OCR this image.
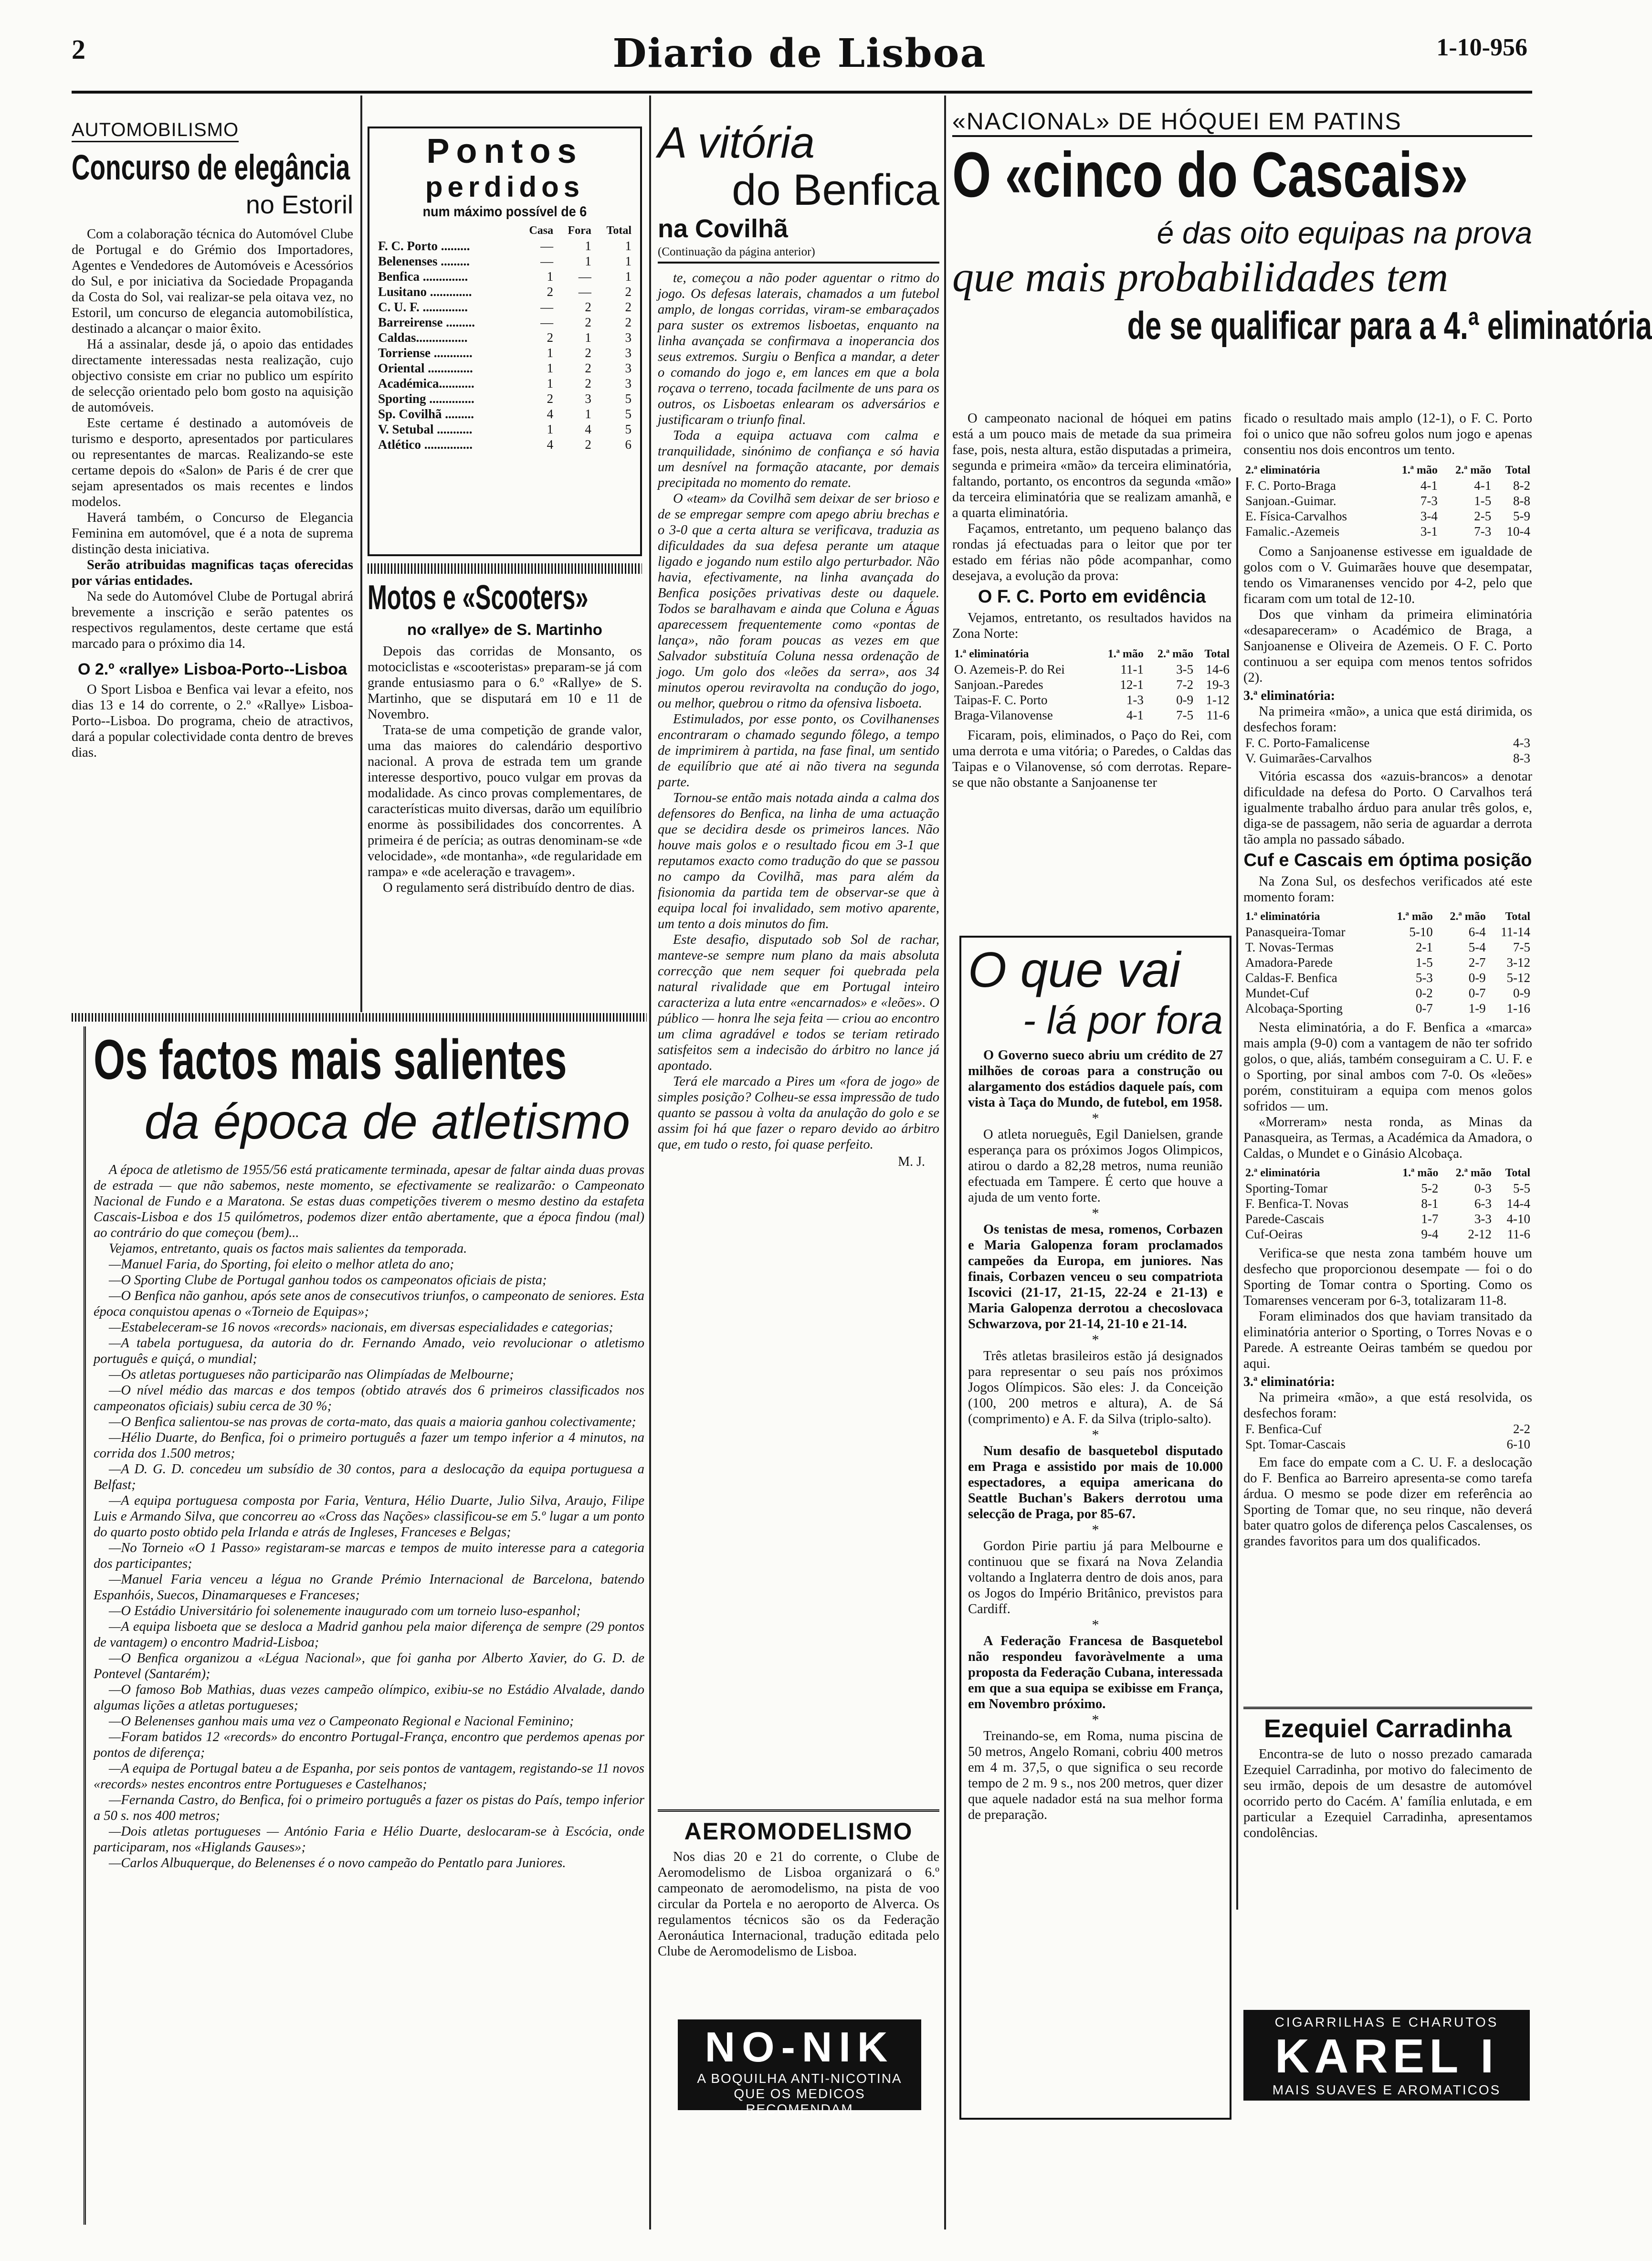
2	Diario de Lisboa	1-10-956
AUTOMOBILISMO
Concurso de elegância
no Estoril

Com a colaboração técnica do Automóvel Clube de Portugal e do Grémio dos Importadores, Agentes e Vendedores de Automóveis e Acessórios do Sul, e por iniciativa da Sociedade Propaganda da Costa do Sol, vai realizar-se pela oitava vez, no Estoril, um concurso de elegancia automobilística, destinado a alcançar o maior êxito.

Há a assinalar, desde já, o apoio das entidades directamente interessadas nesta realização, cujo objectivo consiste em criar no publico um espírito de selecção orientado pelo bom gosto na aquisição de automóveis.

Este certame é destinado a automóveis de turismo e desporto, apresentados por particulares ou representantes de marcas. Realizando-se este certame depois do «Salon» de Paris é de crer que sejam apresentados os mais recentes e lindos modelos.

Haverá também, o Concurso de Elegancia Feminina em automóvel, que é a nota de suprema distinção desta iniciativa.

Serão atribuidas magnificas taças oferecidas por várias entidades.

Na sede do Automóvel Clube de Portugal abrirá brevemente a inscrição e serão patentes os respectivos regulamentos, deste certame que está marcado para o próximo dia 14.

O 2.º «rallye» Lisboa-Porto--Lisboa

O Sport Lisboa e Benfica vai levar a efeito, nos dias 13 e 14 do corrente, o 2.º «Rallye» Lisboa-Porto--Lisboa. Do programa, cheio de atractivos, dará a popular colectividade conta dentro de breves dias.

Pontos
perdidos
num máximo possível de 6
	Casa	Fora	Total
F. C. Porto .........	—	1	1
Belenenses .........	—	1	1
Benfica ..............	1	—	1
Lusitano .............	2	—	2
C. U. F. ..............	—	2	2
Barreirense .........	—	2	2
Caldas................	2	1	3
Torriense ............	1	2	3
Oriental ..............	1	2	3
Académica...........	1	2	3
Sporting ..............	2	3	5
Sp. Covilhã .........	4	1	5
V. Setubal ...........	1	4	5
Atlético ...............	4	2	6
Motos e «Scooters»
no «rallye» de S. Martinho

Depois das corridas de Monsanto, os motociclistas e «scooteristas» preparam-se já com grande entusiasmo para o 6.º «Rallye» de S. Martinho, que se disputará em 10 e 11 de Novembro.

Trata-se de uma competição de grande valor, uma das maiores do calendário desportivo nacional. A prova de estrada tem um grande interesse desportivo, pouco vulgar em provas da modalidade. As cinco provas complementares, de características muito diversas, darão um equilíbrio enorme às possibilidades dos concorrentes. A primeira é de perícia; as outras denominam-se «de velocidade», «de montanha», «de regularidade em rampa» e «de aceleração e travagem».

O regulamento será distribuído dentro de dias.

Os factos mais salientes
da época de atletismo

A época de atletismo de 1955/56 está praticamente terminada, apesar de faltar ainda duas provas de estrada — que não sabemos, neste momento, se efectivamente se realizarão: o Campeonato Nacional de Fundo e a Maratona. Se estas duas competições tiverem o mesmo destino da estafeta Cascais-Lisboa e dos 15 quilómetros, podemos dizer então abertamente, que a época findou (mal) ao contrário do que começou (bem)...

Vejamos, entretanto, quais os factos mais salientes da temporada.

—Manuel Faria, do Sporting, foi eleito o melhor atleta do ano;

—O Sporting Clube de Portugal ganhou todos os campeonatos oficiais de pista;

—O Benfica não ganhou, após sete anos de consecutivos triunfos, o campeonato de seniores. Esta época conquistou apenas o «Torneio de Equipas»;

—Estabeleceram-se 16 novos «records» nacionais, em diversas especialidades e categorias;

—A tabela portuguesa, da autoria do dr. Fernando Amado, veio revolucionar o atletismo português e quiçá, o mundial;

—Os atletas portugueses não participarão nas Olimpíadas de Melbourne;

—O nível médio das marcas e dos tempos (obtido através dos 6 primeiros classificados nos campeonatos oficiais) subiu cerca de 30 %;

—O Benfica salientou-se nas provas de corta-mato, das quais a maioria ganhou colectivamente;

—Hélio Duarte, do Benfica, foi o primeiro português a fazer um tempo inferior a 4 minutos, na corrida dos 1.500 metros;

—A D. G. D. concedeu um subsídio de 30 contos, para a deslocação da equipa portuguesa a Belfast;

—A equipa portuguesa composta por Faria, Ventura, Hélio Duarte, Julio Silva, Araujo, Filipe Luis e Armando Silva, que concorreu ao «Cross das Nações» classificou-se em 5.º lugar a um ponto do quarto posto obtido pela Irlanda e atrás de Ingleses, Franceses e Belgas;

—No Torneio «O 1 Passo» registaram-se marcas e tempos de muito interesse para a categoria dos participantes;

—Manuel Faria venceu a légua no Grande Prémio Internacional de Barcelona, batendo Espanhóis, Suecos, Dinamarqueses e Franceses;

—O Estádio Universitário foi solenemente inaugurado com um torneio luso-espanhol;

—A equipa lisboeta que se desloca a Madrid ganhou pela maior diferença de sempre (29 pontos de vantagem) o encontro Madrid-Lisboa;

—O Benfica organizou a «Légua Nacional», que foi ganha por Alberto Xavier, do G. D. de Pontevel (Santarém);

—O famoso Bob Mathias, duas vezes campeão olímpico, exibiu-se no Estádio Alvalade, dando algumas lições a atletas portugueses;

—O Belenenses ganhou mais uma vez o Campeonato Regional e Nacional Feminino;

—Foram batidos 12 «records» do encontro Portugal-França, encontro que perdemos apenas por pontos de diferença;

—A equipa de Portugal bateu a de Espanha, por seis pontos de vantagem, registando-se 11 novos «records» nestes encontros entre Portugueses e Castelhanos;

—Fernanda Castro, do Benfica, foi o primeiro português a fazer os pistas do País, tempo inferior a 50 s. nos 400 metros;

—Dois atletas portugueses — António Faria e Hélio Duarte, deslocaram-se à Escócia, onde participaram, nos «Higlands Gauses»;

—Carlos Albuquerque, do Belenenses é o novo campeão do Pentatlo para Juniores.

A vitória
do Benfica
na Covilhã
(Continuação da página anterior)

te, começou a não poder aguentar o ritmo do jogo. Os defesas laterais, chamados a um futebol amplo, de longas corridas, viram-se embaraçados para suster os extremos lisboetas, enquanto na linha avançada se confirmava a inoperancia dos seus extremos. Surgiu o Benfica a mandar, a deter o comando do jogo e, em lances em que a bola roçava o terreno, tocada facilmente de uns para os outros, os Lisboetas enlearam os adversários e justificaram o triunfo final.

Toda a equipa actuava com calma e tranquilidade, sinónimo de confiança e só havia um desnível na formação atacante, por demais precipitada no momento do remate.

O «team» da Covilhã sem deixar de ser brioso e de se empregar sempre com apego abriu brechas e o 3-0 que a certa altura se verificava, traduzia as dificuldades da sua defesa perante um ataque ligado e jogando num estilo algo perturbador. Não havia, efectivamente, na linha avançada do Benfica posições privativas deste ou daquele. Todos se baralhavam e ainda que Coluna e Águas aparecessem frequentemente como «pontas de lança», não foram poucas as vezes em que Salvador substituía Coluna nessa ordenação de jogo. Um golo dos «leões da serra», aos 34 minutos operou reviravolta na condução do jogo, ou melhor, quebrou o ritmo da ofensiva lisboeta.

Estimulados, por esse ponto, os Covilhanenses encontraram o chamado segundo fôlego, a tempo de imprimirem à partida, na fase final, um sentido de equilíbrio que até ai não tivera na segunda parte.

Tornou-se então mais notada ainda a calma dos defensores do Benfica, na linha de uma actuação que se decidira desde os primeiros lances. Não houve mais golos e o resultado ficou em 3-1 que reputamos exacto como tradução do que se passou no campo da Covilhã, mas para além da fisionomia da partida tem de observar-se que à equipa local foi invalidado, sem motivo aparente, um tento a dois minutos do fim.

Este desafio, disputado sob Sol de rachar, manteve-se sempre num plano da mais absoluta correcção que nem sequer foi quebrada pela natural rivalidade que em Portugal inteiro caracteriza a luta entre «encarnados» e «leões». O público — honra lhe seja feita — criou ao encontro um clima agradável e todos se teriam retirado satisfeitos sem a indecisão do árbitro no lance já apontado.

Terá ele marcado a Pires um «fora de jogo» de simples posição? Colheu-se essa impressão de tudo quanto se passou à volta da anulação do golo e se assim foi há que fazer o reparo devido ao árbitro que, em tudo o resto, foi quase perfeito.

M. J.
AEROMODELISMO

Nos dias 20 e 21 do corrente, o Clube de Aeromodelismo de Lisboa organizará o 6.º campeonato de aeromodelismo, na pista de voo circular da Portela e no aeroporto de Alverca. Os regulamentos técnicos são os da Federação Aeronáutica Internacional, tradução editada pelo Clube de Aeromodelismo de Lisboa.

NO-NIK
A BOQUILHA ANTI-NICOTINA
QUE OS MEDICOS RECOMENDAM
«NACIONAL» DE HÓQUEI EM PATINS
O «cinco do Cascais»
é das oito equipas na prova
que mais probabilidades tem
de se qualificar para a 4.ª eliminatória

O campeonato nacional de hóquei em patins está a um pouco mais de metade da sua primeira fase, pois, nesta altura, estão disputadas a primeira, segunda e primeira «mão» da terceira eliminatória, faltando, portanto, os encontros da segunda «mão» da terceira eliminatória que se realizam amanhã, e a quarta eliminatória.

Façamos, entretanto, um pequeno balanço das rondas já efectuadas para o leitor que por ter estado em férias não pôde acompanhar, como desejava, a evolução da prova:

O F. C. Porto em evidência

Vejamos, entretanto, os resultados havidos na Zona Norte:

1.ª eliminatória	1.ª mão	2.ª mão	Total
O. Azemeis-P. do Rei	11-1	3-5	14-6
Sanjoan.-Paredes	12-1	7-2	19-3
Taipas-F. C. Porto	1-3	0-9	1-12
Braga-Vilanovense	4-1	7-5	11-6

Ficaram, pois, eliminados, o Paço do Rei, com uma derrota e uma vitória; o Paredes, o Caldas das Taipas e o Vilanovense, só com derrotas. Repare-se que não obstante a Sanjoanense ter

ficado o resultado mais amplo (12-1), o F. C. Porto foi o unico que não sofreu golos num jogo e apenas consentiu nos dois encontros um tento.

2.ª eliminatória	1.ª mão	2.ª mão	Total
F. C. Porto-Braga	4-1	4-1	8-2
Sanjoan.-Guimar.	7-3	1-5	8-8
E. Física-Carvalhos	3-4	2-5	5-9
Famalic.-Azemeis	3-1	7-3	10-4

Como a Sanjoanense estivesse em igualdade de golos com o V. Guimarães houve que desempatar, tendo os Vimaranenses vencido por 4-2, pelo que ficaram com um total de 12-10.

Dos que vinham da primeira eliminatória «desapareceram» o Académico de Braga, a Sanjoanense e Oliveira de Azemeis. O F. C. Porto continuou a ser equipa com menos tentos sofridos (2).

3.ª eliminatória:

Na primeira «mão», a unica que está dirimida, os desfechos foram:

F. C. Porto-Famalicense	4-3
V. Guimarães-Carvalhos	8-3

Vitória escassa dos «azuis-brancos» a denotar dificuldade na defesa do Porto. O Carvalhos terá igualmente trabalho árduo para anular três golos, e, diga-se de passagem, não seria de aguardar a derrota tão ampla no passado sábado.

Cuf e Cascais em óptima posição

Na Zona Sul, os desfechos verificados até este momento foram:

1.ª eliminatória	1.ª mão	2.ª mão	Total
Panasqueira-Tomar	5-10	6-4	11-14
T. Novas-Termas	2-1	5-4	7-5
Amadora-Parede	1-5	2-7	3-12
Caldas-F. Benfica	5-3	0-9	5-12
Mundet-Cuf	0-2	0-7	0-9
Alcobaça-Sporting	0-7	1-9	1-16

Nesta eliminatória, a do F. Benfica a «marca» mais ampla (9-0) com a vantagem de não ter sofrido golos, o que, aliás, também conseguiram a C. U. F. e o Sporting, por sinal ambos com 7-0. Os «leões» porém, constituiram a equipa com menos golos sofridos — um.

«Morreram» nesta ronda, as Minas da Panasqueira, as Termas, a Académica da Amadora, o Caldas, o Mundet e o Ginásio Alcobaça.

2.ª eliminatória	1.ª mão	2.ª mão	Total
Sporting-Tomar	5-2	0-3	5-5
F. Benfica-T. Novas	8-1	6-3	14-4
Parede-Cascais	1-7	3-3	4-10
Cuf-Oeiras	9-4	2-12	11-6

Verifica-se que nesta zona também houve um desfecho que proporcionou desempate — foi o do Sporting de Tomar contra o Sporting. Como os Tomarenses venceram por 6-3, totalizaram 11-8.

Foram eliminados dos que haviam transitado da eliminatória anterior o Sporting, o Torres Novas e o Parede. A estreante Oeiras também se quedou por aqui.

3.ª eliminatória:

Na primeira «mão», a que está resolvida, os desfechos foram:

F. Benfica-Cuf	2-2
Spt. Tomar-Cascais	6-10

Em face do empate com a C. U. F. a deslocação do F. Benfica ao Barreiro apresenta-se como tarefa árdua. O mesmo se pode dizer em referência ao Sporting de Tomar que, no seu rinque, não deverá bater quatro golos de diferença pelos Cascalenses, os grandes favoritos para um dos qualificados.

O que vai
- lá por fora

O Governo sueco abriu um crédito de 27 milhões de coroas para a construção ou alargamento dos estádios daquele país, com vista à Taça do Mundo, de futebol, em 1958.

*

O atleta norueguês, Egil Danielsen, grande esperança para os próximos Jogos Olimpicos, atirou o dardo a 82,28 metros, numa reunião efectuada em Tampere. É certo que houve a ajuda de um vento forte.

*

Os tenistas de mesa, romenos, Corbazen e Maria Galopenza foram proclamados campeões da Europa, em juniores. Nas finais, Corbazen venceu o seu compatriota Iscovici (21-17, 21-15, 22-24 e 21-13) e Maria Galopenza derrotou a checoslovaca Schwarzova, por 21-14, 21-10 e 21-14.

*

Três atletas brasileiros estão já designados para representar o seu país nos próximos Jogos Olímpicos. São eles: J. da Conceição (100, 200 metros e altura), A. de Sá (comprimento) e A. F. da Silva (triplo-salto).

*

Num desafio de basquetebol disputado em Praga e assistido por mais de 10.000 espectadores, a equipa americana do Seattle Buchan's Bakers derrotou uma selecção de Praga, por 85-67.

*

Gordon Pirie partiu já para Melbourne e continuou que se fixará na Nova Zelandia voltando a Inglaterra dentro de dois anos, para os Jogos do Império Britânico, previstos para Cardiff.

*

A Federação Francesa de Basquetebol não respondeu favoràvelmente a uma proposta da Federação Cubana, interessada em que a sua equipa se exibisse em França, em Novembro próximo.

*

Treinando-se, em Roma, numa piscina de 50 metros, Angelo Romani, cobriu 400 metros em 4 m. 37,5, o que significa o seu recorde tempo de 2 m. 9 s., nos 200 metros, quer dizer que aquele nadador está na sua melhor forma de preparação.

Ezequiel Carradinha

Encontra-se de luto o nosso prezado camarada Ezequiel Carradinha, por motivo do falecimento de seu irmão, depois de um desastre de automóvel ocorrido perto do Cacém. A' família enlutada, e em particular a Ezequiel Carradinha, apresentamos condolências.

CIGARRILHAS E CHARUTOS
KAREL I
MAIS SUAVES E AROMATICOS
